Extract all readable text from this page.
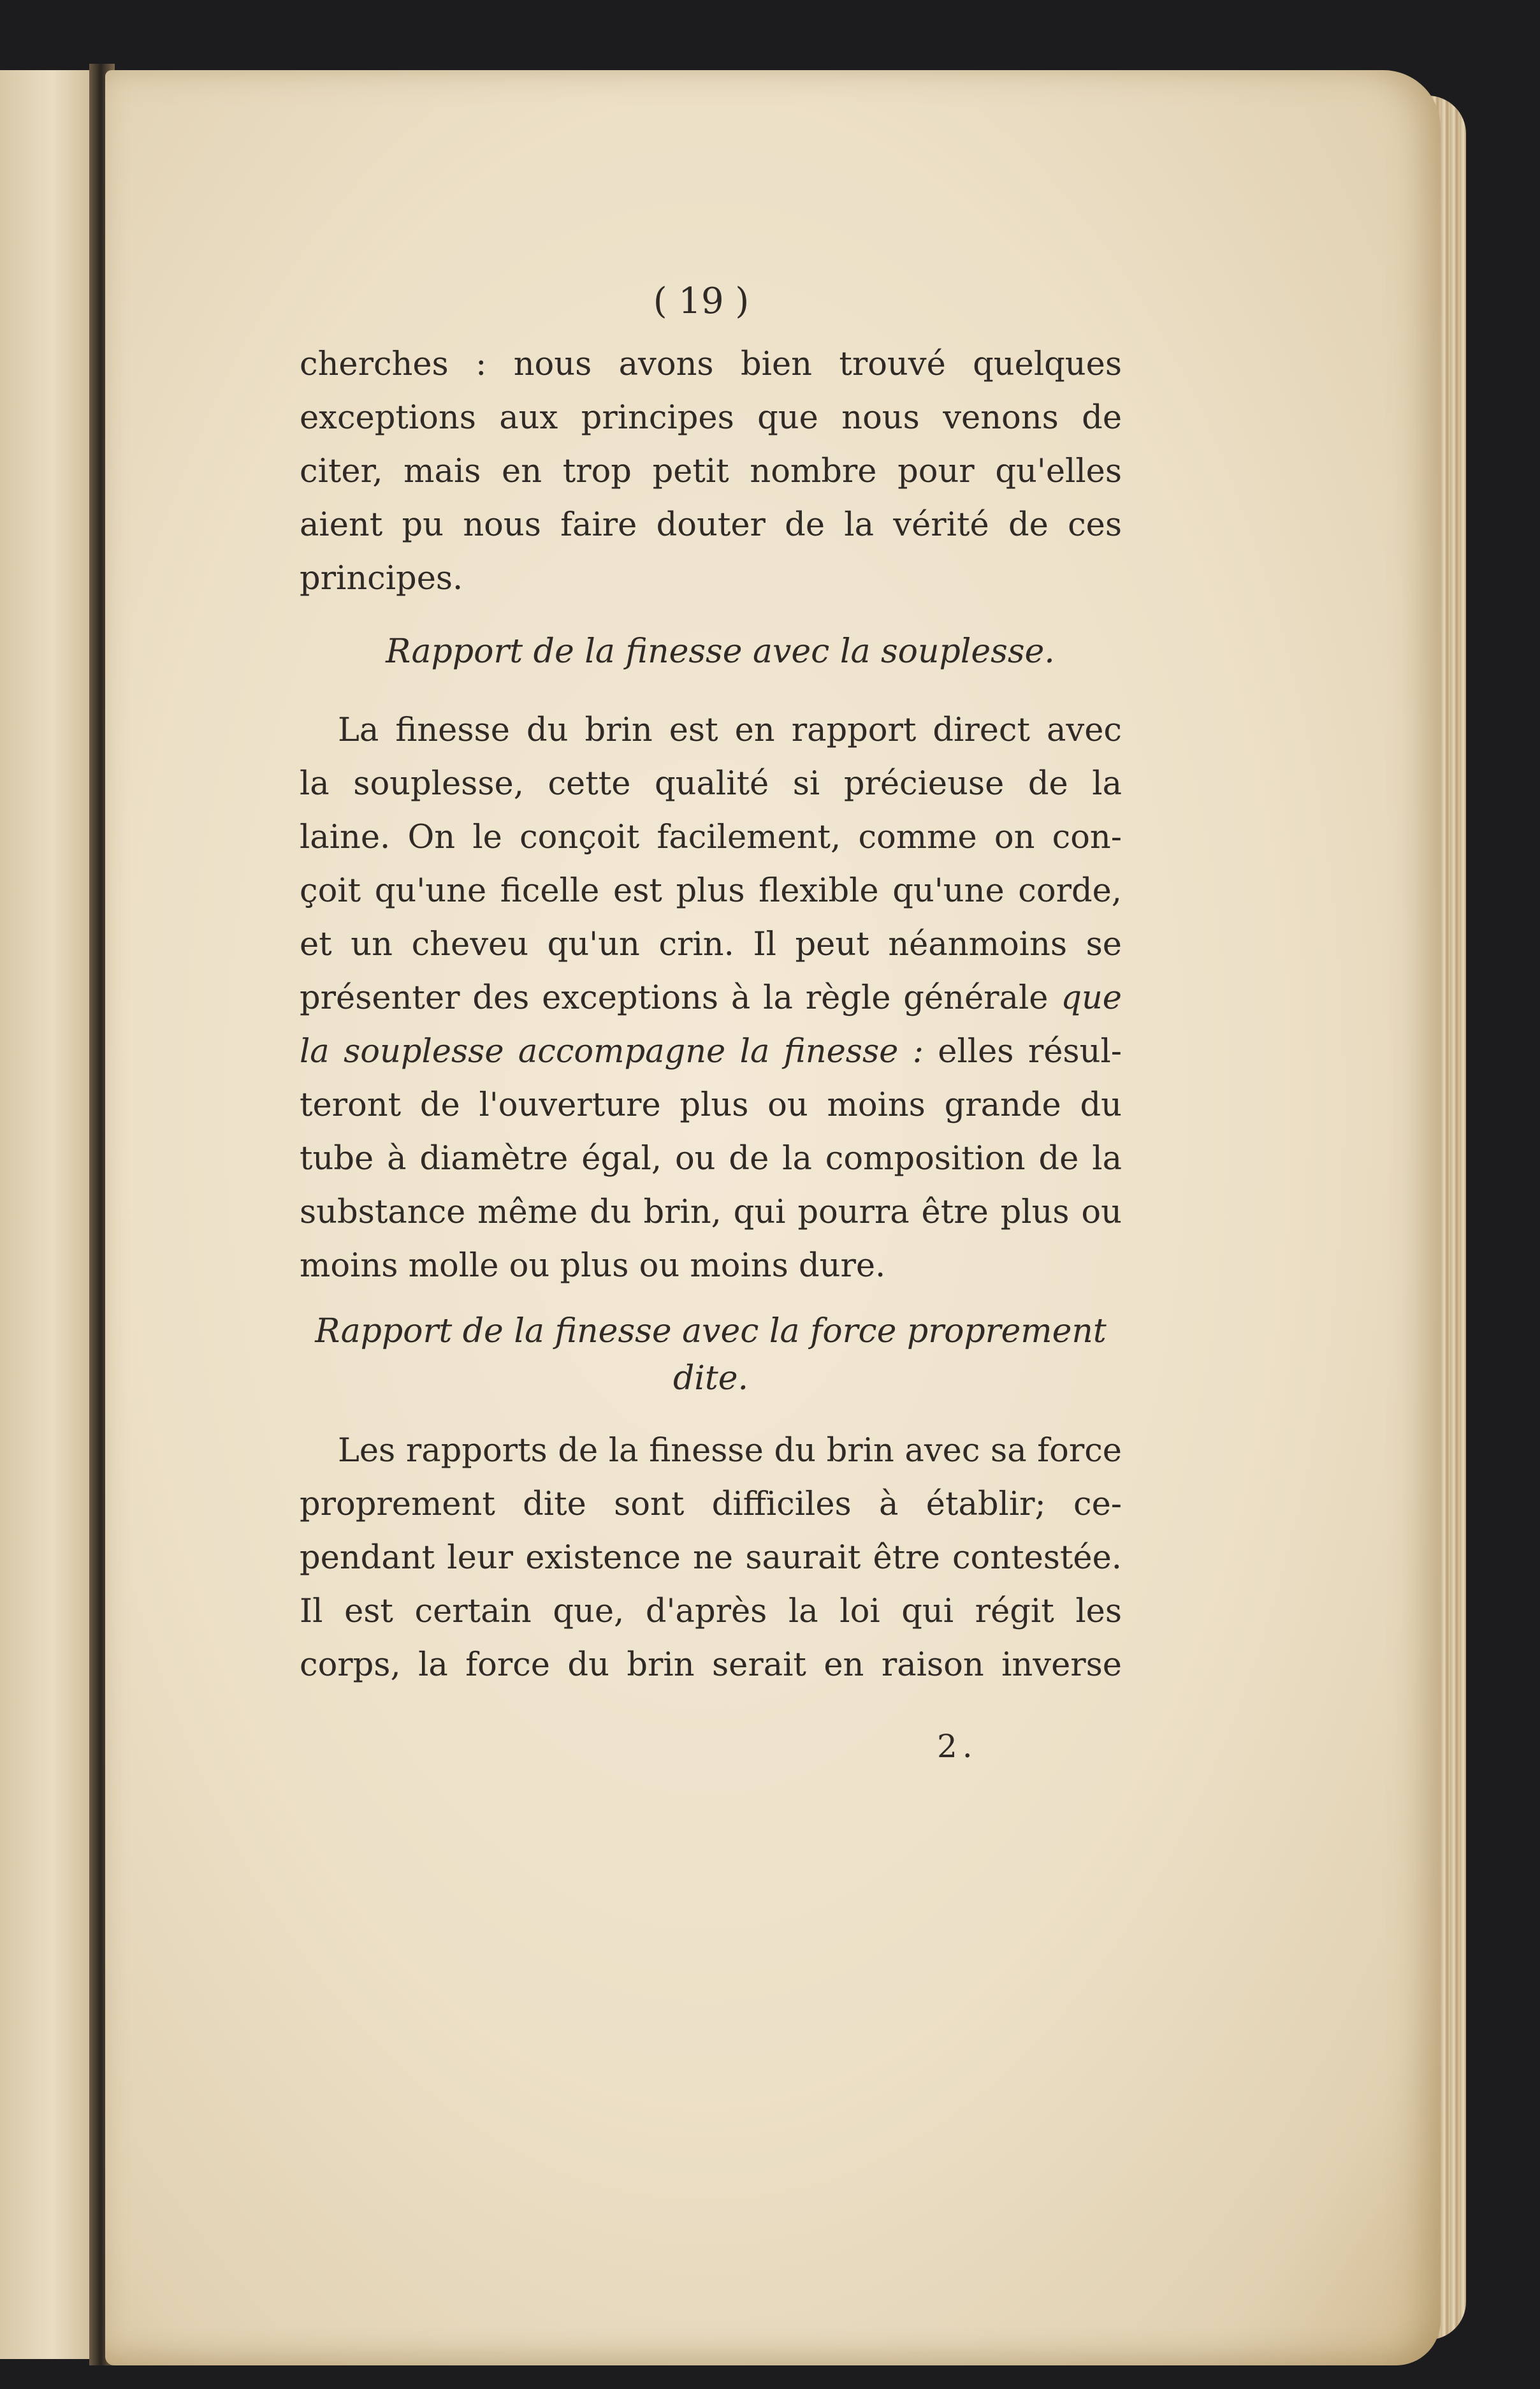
( 19 )

cherches : nous avons bien trouvé quelques

exceptions aux principes que nous venons de

citer, mais en trop petit nombre pour qu'elles

aient pu nous faire douter de la vérité de ces

principes.

Rapport de la finesse avec la souplesse.

La finesse du brin est en rapport direct avec

la souplesse, cette qualité si précieuse de la

laine. On le conçoit facilement, comme on con-

çoit qu'une ficelle est plus flexible qu'une corde,

et un cheveu qu'un crin. Il peut néanmoins se

présenter des exceptions à la règle générale que

la souplesse accompagne la finesse : elles résul-

teront de l'ouverture plus ou moins grande du

tube à diamètre égal, ou de la composition de la

substance même du brin, qui pourra être plus ou

moins molle ou plus ou moins dure.

Rapport de la finesse avec la force proprement

dite.

Les rapports de la finesse du brin avec sa force

proprement dite sont difficiles à établir; ce-

pendant leur existence ne saurait être contestée.

Il est certain que, d'après la loi qui régit les

corps, la force du brin serait en raison inverse

2.
